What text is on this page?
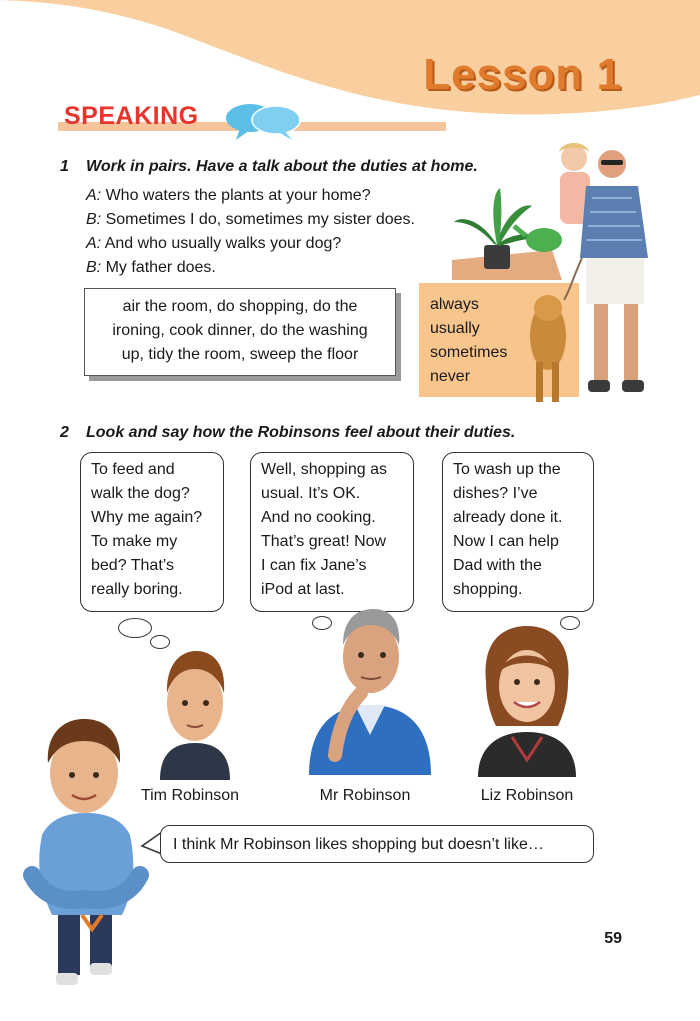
Lesson 1
SPEAKING
1 Work in pairs. Have a talk about the duties at home.
A: Who waters the plants at your home?
B: Sometimes I do, sometimes my sister does.
A: And who usually walks your dog?
B: My father does.
air the room, do shopping, do the
ironing, cook dinner, do the washing
up, tidy the room, sweep the floor
always
usually
sometimes
never
2 Look and say how the Robinsons feel about their duties.
To feed and
walk the dog?
Why me again?
To make my
bed? That’s
really boring.
Well, shopping as
usual. It’s OK.
And no cooking.
That’s great! Now
I can fix Jane’s
iPod at last.
To wash up the
dishes? I’ve
already done it.
Now I can help
Dad with the
shopping.
Tim Robinson	Mr Robinson	Liz Robinson
I think Mr Robinson likes shopping but doesn’t like…
59
